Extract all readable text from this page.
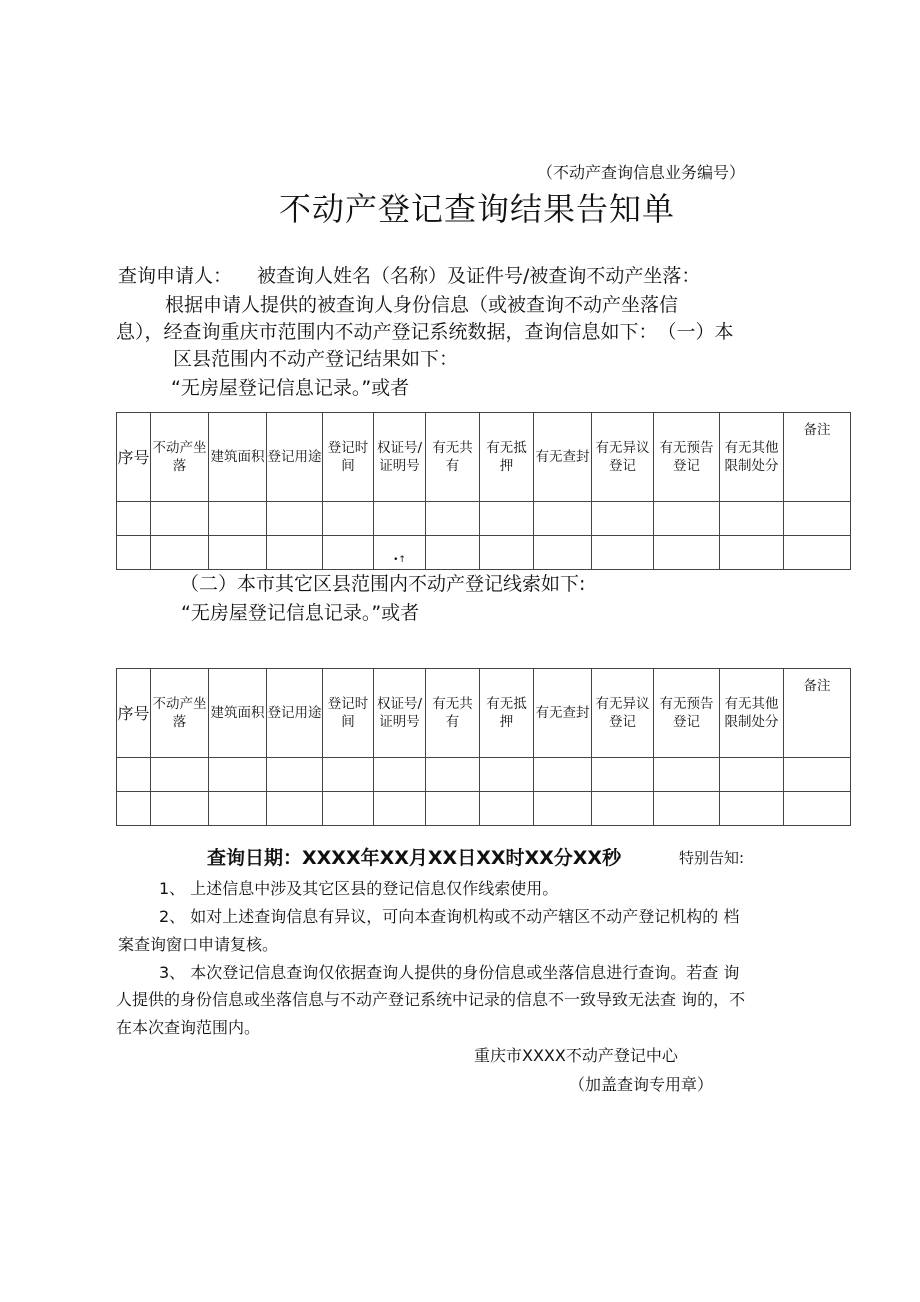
（不动产查询信息业务编号）
不动产登记查询结果告知单
查询申请人： 被查询人姓名（名称）及证件号/被查询不动产坐落：
根据申请人提供的被查询人身份信息（或被查询不动产坐落信
息），经查询重庆市范围内不动产登记系统数据，查询信息如下：　（一）本
区县范围内不动产登记结果如下：
“无房屋登记信息记录。”或者
序号	不动产坐落	建筑面积	登记用途	登记时间	权证号/证明号	有无共有	有无抵押	有无查封	有无异议登记	有无预告登记	有无其他限制处分	备注

					•↑							
（二）本市其它区县范围内不动产登记线索如下:
“无房屋登记信息记录。”或者
序号	不动产坐落	建筑面积	登记用途	登记时间	权证号/证明号	有无共有	有无抵押	有无查封	有无异议登记	有无预告登记	有无其他限制处分	备注

查询日期：XXXX年XX月XX日XX时XX分XX秒	特别告知:
1、 上述信息中涉及其它区县的登记信息仅作线索使用。
2、 如对上述查询信息有异议，可向本查询机构或不动产辖区不动产登记机构的 档
案查询窗口申请复核。
3、 本次登记信息查询仅依据查询人提供的身份信息或坐落信息进行查询。若查 询
人提供的身份信息或坐落信息与不动产登记系统中记录的信息不一致导致无法查 询的，不
在本次查询范围内。
重庆市XXXX不动产登记中心
（加盖查询专用章）
